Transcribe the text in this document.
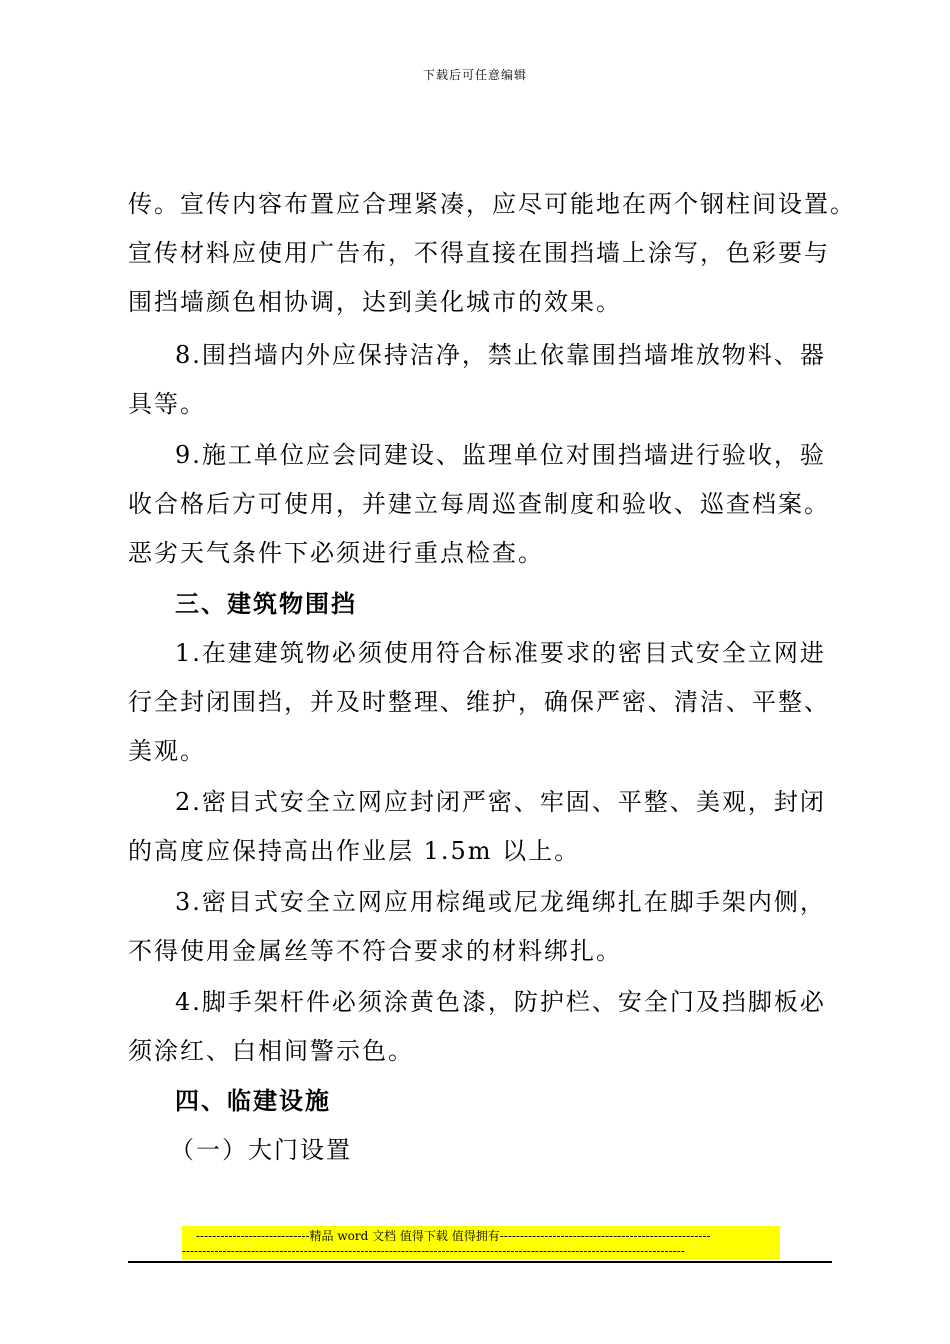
下载后可任意编辑
传。宣传内容布置应合理紧凑，应尽可能地在两个钢柱间设置。
宣传材料应使用广告布，不得直接在围挡墙上涂写，色彩要与
围挡墙颜色相协调，达到美化城市的效果。
8.围挡墙内外应保持洁净，禁止依靠围挡墙堆放物料、器
具等。
9.施工单位应会同建设、监理单位对围挡墙进行验收，验
收合格后方可使用，并建立每周巡查制度和验收、巡查档案。
恶劣天气条件下必须进行重点检查。
三、建筑物围挡
1.在建建筑物必须使用符合标准要求的密目式安全立网进
行全封闭围挡，并及时整理、维护，确保严密、清洁、平整、
美观。
2.密目式安全立网应封闭严密、牢固、平整、美观，封闭
的高度应保持高出作业层 1.5m 以上。
3.密目式安全立网应用棕绳或尼龙绳绑扎在脚手架内侧，
不得使用金属丝等不符合要求的材料绑扎。
4.脚手架杆件必须涂黄色漆，防护栏、安全门及挡脚板必
须涂红、白相间警示色。
四、临建设施
（一）大门设置
----------------------------精品 word 文档 值得下载 值得拥有----------------------------------------------------
----------------------------------------------------------------------------------------------------------------------------
